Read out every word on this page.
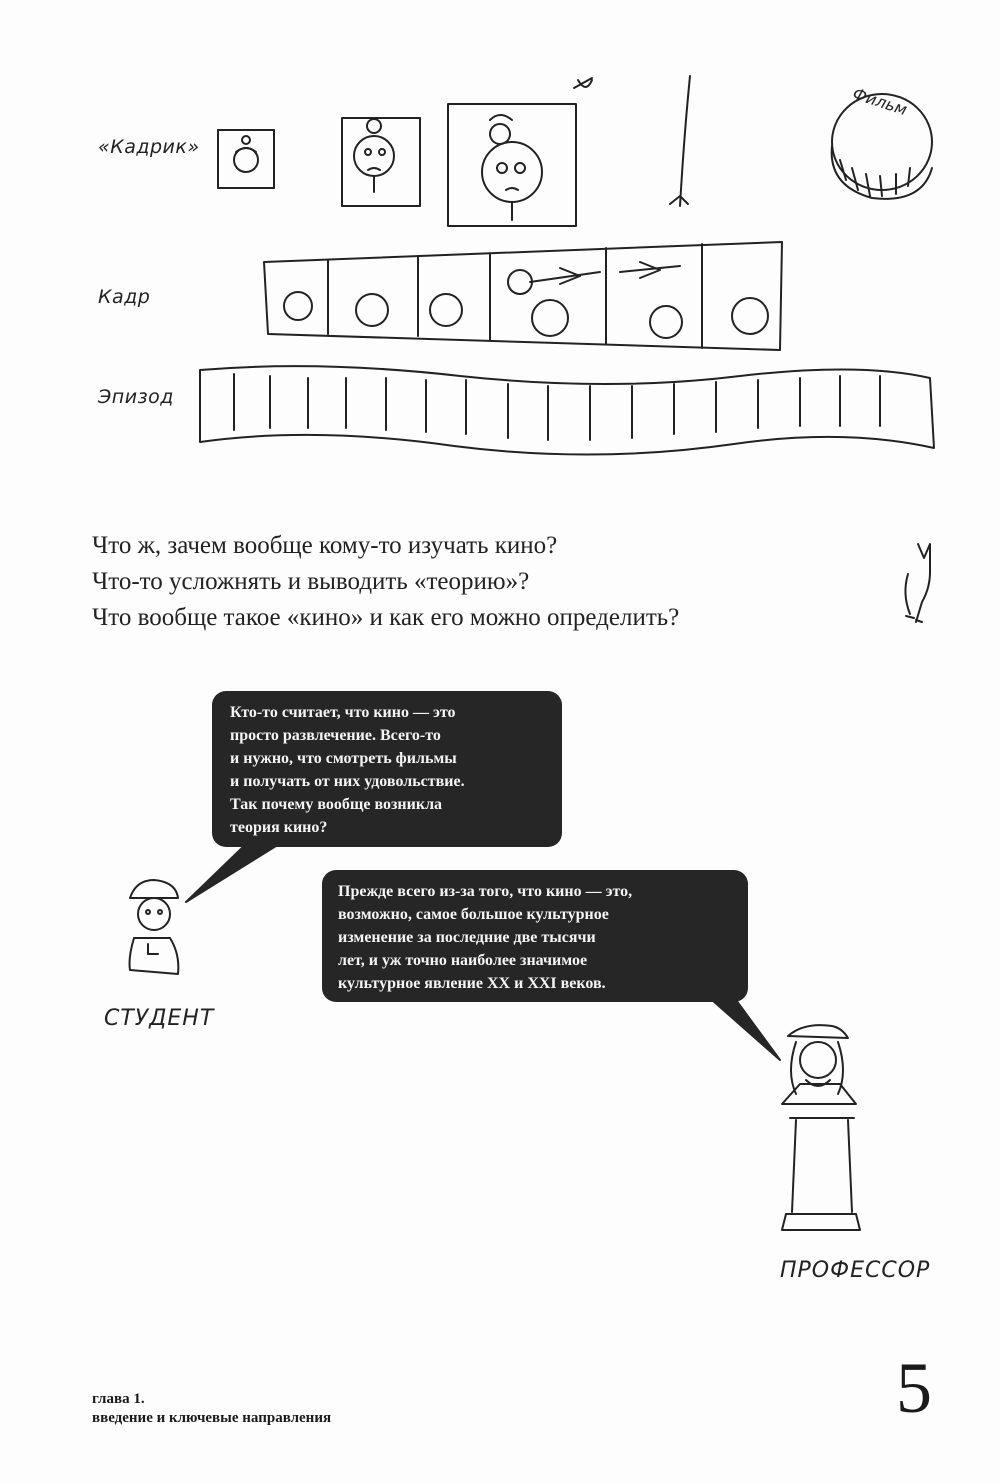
«Кадрик»
Кадр
Эпизод
Фильм
Что ж, зачем вообще кому-то изучать кино?
Что-то усложнять и выводить «теорию»?
Что вообще такое «кино» и как его можно определить?
Кто-то считает, что кино — это
просто развлечение. Всего-то
и нужно, что смотреть фильмы
и получать от них удовольствие.
Так почему вообще возникла
теория кино?
Прежде всего из-за того, что кино — это,
возможно, самое большое культурное
изменение за последние две тысячи
лет, и уж точно наиболее значимое
культурное явление XX и XXI веков.
СТУДЕНТ
ПРОФЕССОР
глава 1.
введение и ключевые направления	5
